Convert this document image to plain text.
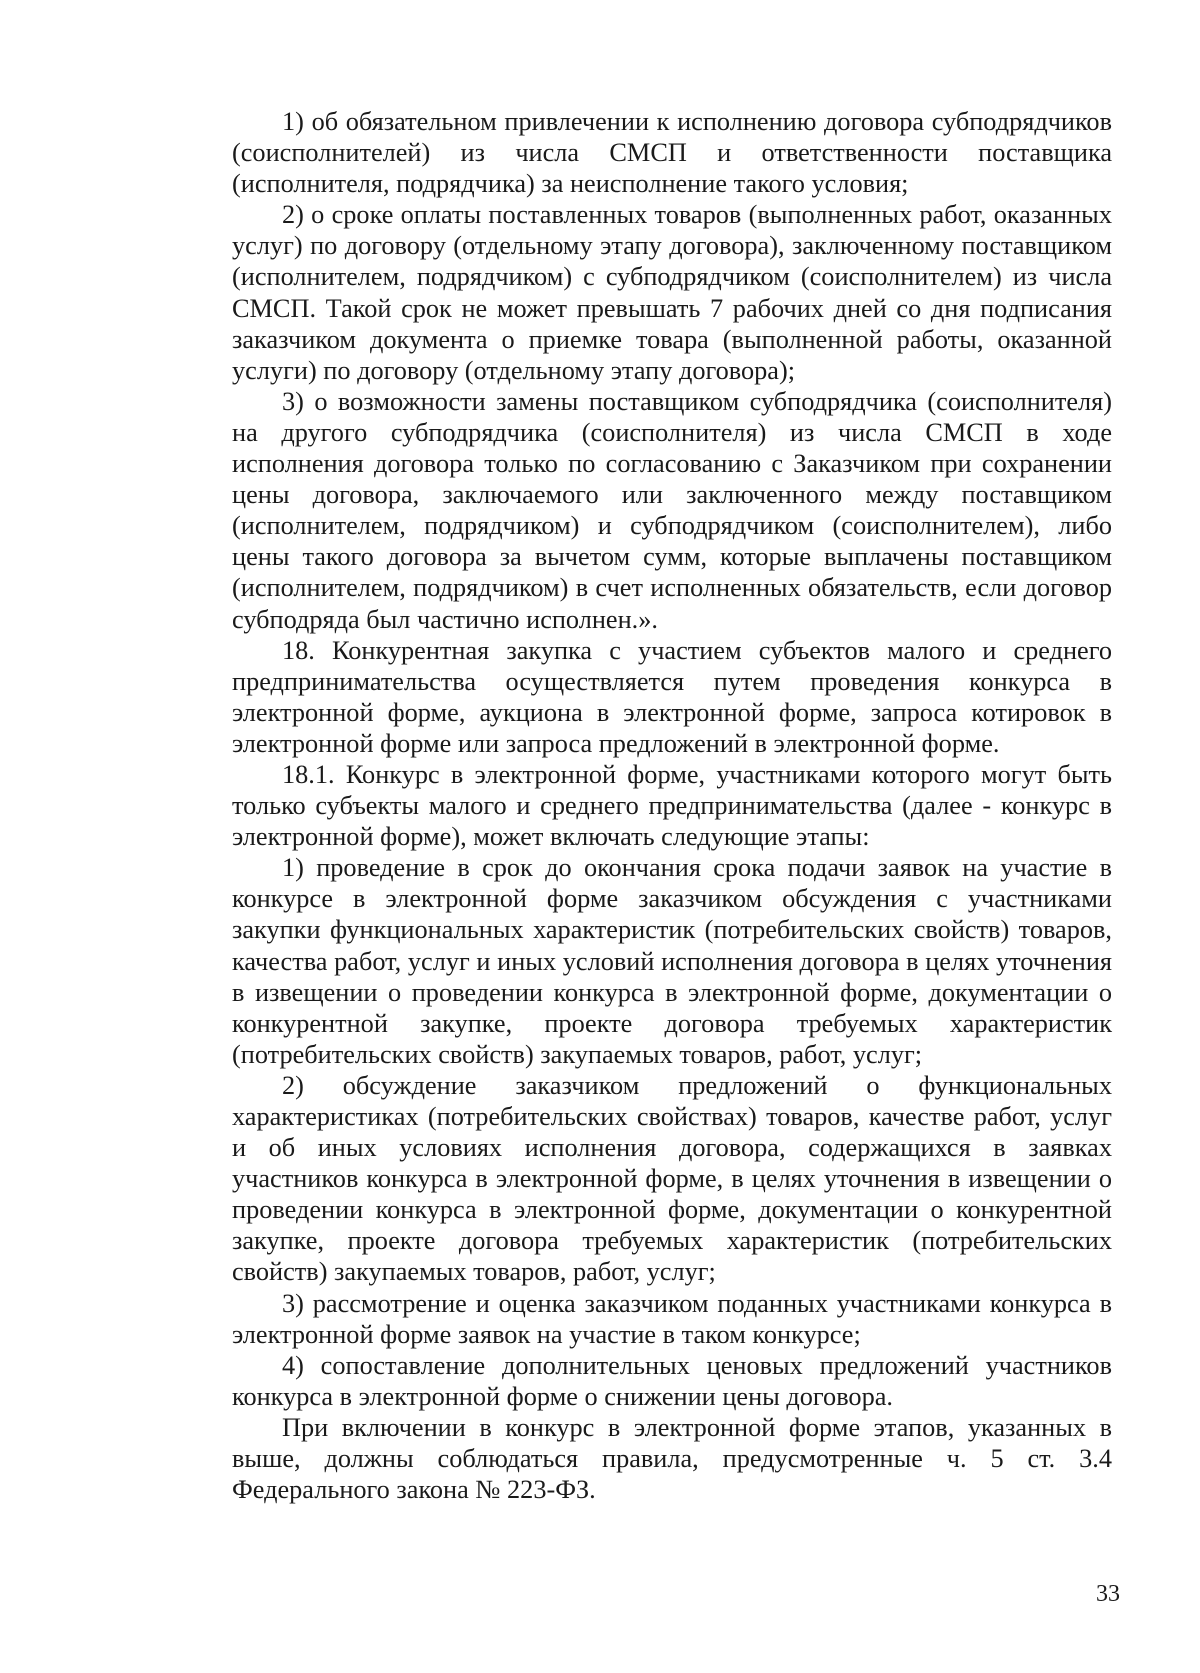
1) об обязательном привлечении к исполнению договора субподрядчиков (соисполнителей) из числа СМСП и ответственности поставщика (исполнителя, подрядчика) за неисполнение такого условия;

2) о сроке оплаты поставленных товаров (выполненных работ, оказанных услуг) по договору (отдельному этапу договора), заключенному поставщиком (исполнителем, подрядчиком) с субподрядчиком (соисполнителем) из числа СМСП. Такой срок не может превышать 7 рабочих дней со дня подписания заказчиком документа о приемке товара (выполненной работы, оказанной услуги) по договору (отдельному этапу договора);

3) о возможности замены поставщиком субподрядчика (соисполнителя) на другого субподрядчика (соисполнителя) из числа СМСП в ходе исполнения договора только по согласованию с Заказчиком при сохранении цены договора, заключаемого или заключенного между поставщиком (исполнителем, подрядчиком) и субподрядчиком (соисполнителем), либо цены такого договора за вычетом сумм, которые выплачены поставщиком (исполнителем, подрядчиком) в счет исполненных обязательств, если договор субподряда был частично исполнен.».

18. Конкурентная закупка с участием субъектов малого и среднего предпринимательства осуществляется путем проведения конкурса в электронной форме, аукциона в электронной форме, запроса котировок в электронной форме или запроса предложений в электронной форме.

18.1. Конкурс в электронной форме, участниками которого могут быть только субъекты малого и среднего предпринимательства (далее - конкурс в электронной форме), может включать следующие этапы:

1) проведение в срок до окончания срока подачи заявок на участие в конкурсе в электронной форме заказчиком обсуждения с участниками закупки функциональных характеристик (потребительских свойств) товаров, качества работ, услуг и иных условий исполнения договора в целях уточнения в извещении о проведении конкурса в электронной форме, документации о конкурентной закупке, проекте договора требуемых характеристик (потребительских свойств) закупаемых товаров, работ, услуг;

2) обсуждение заказчиком предложений о функциональных характеристиках (потребительских свойствах) товаров, качестве работ, услуг и об иных условиях исполнения договора, содержащихся в заявках участников конкурса в электронной форме, в целях уточнения в извещении о проведении конкурса в электронной форме, документации о конкурентной закупке, проекте договора требуемых характеристик (потребительских свойств) закупаемых товаров, работ, услуг;

3) рассмотрение и оценка заказчиком поданных участниками конкурса в электронной форме заявок на участие в таком конкурсе;

4) сопоставление дополнительных ценовых предложений участников конкурса в электронной форме о снижении цены договора.

При включении в конкурс в электронной форме этапов, указанных в выше, должны соблюдаться правила, предусмотренные ч. 5 ст. 3.4 Федерального закона № 223-ФЗ.

33
